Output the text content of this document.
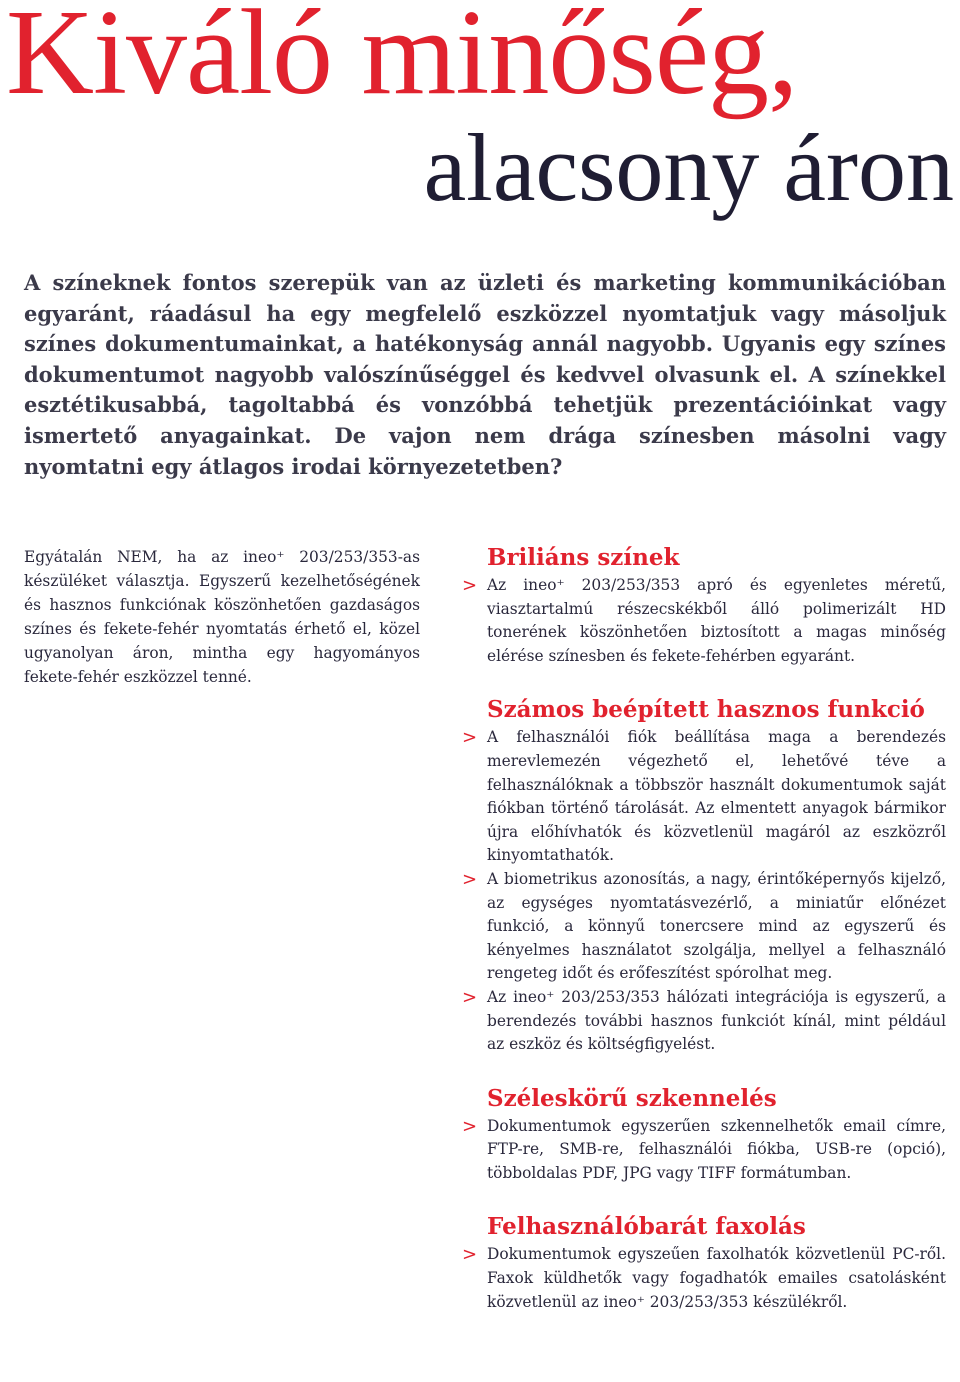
Kiváló minőség,
alacsony áron

A színeknek fontos szerepük van az üzleti és marketing kommunikációban egyaránt, ráadásul ha egy megfelelő eszközzel nyomtatjuk vagy másoljuk színes dokumentumainkat, a hatékonyság annál nagyobb. Ugyanis egy színes dokumentumot nagyobb valószínűséggel és kedvvel olvasunk el. A színekkel esztétikusabbá, tagoltabbá és vonzóbbá tehetjük prezentációinkat vagy ismertető anyagainkat. De vajon nem drága színesben másolni vagy nyomtatni egy átlagos irodai környezetetben?

Egyátalán NEM, ha az ineo⁺ 203/253/353-as készüléket választja. Egyszerű kezelhetőségének és hasznos funkciónak köszönhetően gazdaságos színes és fekete-fehér nyomtatás érhető el, közel ugyanolyan áron, mintha egy hagyományos fekete-fehér eszközzel tenné.

Briliáns színek
> Az ineo⁺ 203/253/353 apró és egyenletes méretű, viasztartalmú részecskékből álló polimerizált HD tonerének köszönhetően biztosított a magas minőség elérése színesben és fekete-fehérben egyaránt.
Számos beépített hasznos funkció
> A felhasználói fiók beállítása maga a berendezés merevlemezén végezhető el, lehetővé téve a felhasználóknak a többször használt dokumentumok saját fiókban történő tárolását. Az elmentett anyagok bármikor újra előhívhatók és közvetlenül magáról az eszközről kinyomtathatók.
> A biometrikus azonosítás, a nagy, érintőképernyős kijelző, az egységes nyomtatásvezérlő, a miniatűr előnézet funkció, a könnyű tonercsere mind az egyszerű és kényelmes használatot szolgálja, mellyel a felhasználó rengeteg időt és erőfeszítést spórolhat meg.
> Az ineo⁺ 203/253/353 hálózati integrációja is egyszerű, a berendezés további hasznos funkciót kínál, mint például az eszköz és költségfigyelést.
Széleskörű szkennelés
> Dokumentumok egyszerűen szkennelhetők email címre, FTP-re, SMB-re, felhasználói fiókba, USB-re (opció), többoldalas PDF, JPG vagy TIFF formátumban.
Felhasználóbarát faxolás
> Dokumentumok egyszeűen faxolhatók közvetlenül PC-ről. Faxok küldhetők vagy fogadhatók emailes csatolásként közvetlenül az ineo⁺ 203/253/353 készülékről.
